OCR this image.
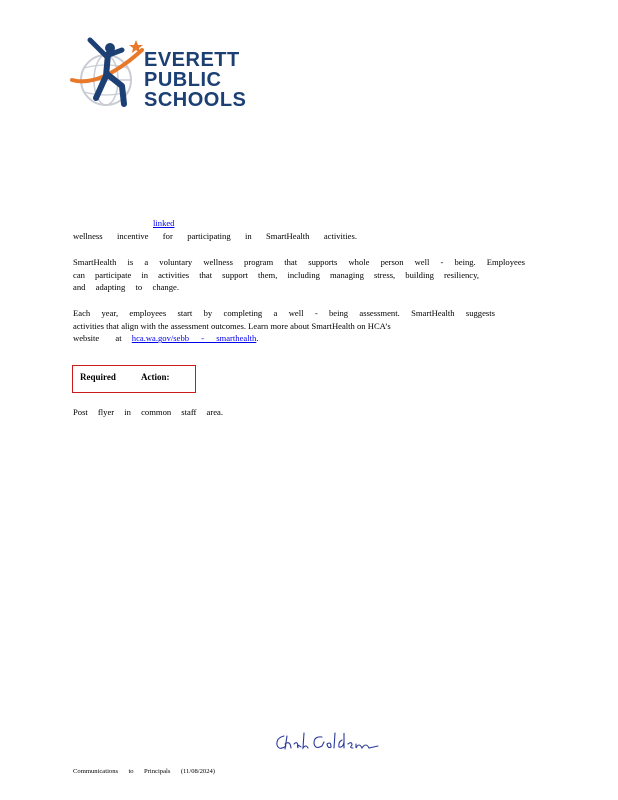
EVERETT
PUBLIC
SCHOOLS
linked
wellness incentive for participating in SmartHealth activities.
SmartHealth is a voluntary wellness program that supports whole person well - being. Employees
can participate in activities that support them, including managing stress, building resiliency,
and adapting to change.
Each year, employees start by completing a well - being assessment. SmartHealth suggests
activities that align with the assessment outcomes. Learn more about SmartHealth on HCA’s
website at hca.wa.gov/sebb - smarthealth.
Required	Action:
Post flyer in common staff area.
Communications to Principals (11/08/2024)
